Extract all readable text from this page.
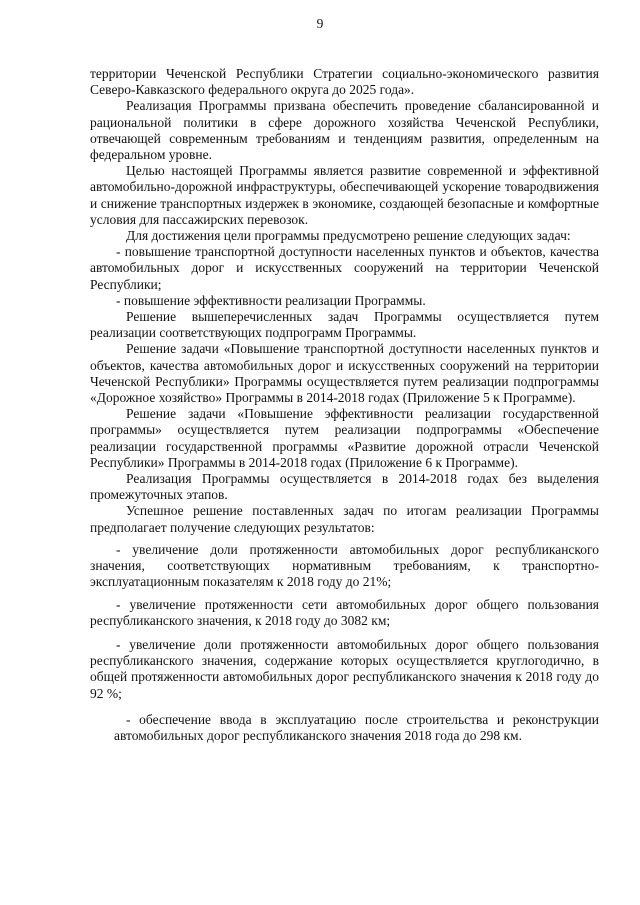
9

территории Чеченской Республики Стратегии социально-экономического развития Северо-Кавказского федерального округа до 2025 года».

Реализация Программы призвана обеспечить проведение сбалансированной и рациональной политики в сфере дорожного хозяйства Чеченской Республики, отвечающей современным требованиям и тенденциям развития, определенным на федеральном уровне.

Целью настоящей Программы является развитие современной и эффективной автомобильно-дорожной инфраструктуры, обеспечивающей ускорение товародвижения и снижение транспортных издержек в экономике, создающей безопасные и комфортные условия для пассажирских перевозок.

Для достижения цели программы предусмотрено решение следующих задач:

- повышение транспортной доступности населенных пунктов и объектов, качества автомобильных дорог и искусственных сооружений на территории Чеченской Республики;

- повышение эффективности реализации Программы.

Решение вышеперечисленных задач Программы осуществляется путем реализации соответствующих подпрограмм Программы.

Решение задачи «Повышение транспортной доступности населенных пунктов и объектов, качества автомобильных дорог и искусственных сооружений на территории Чеченской Республики» Программы осуществляется путем реализации подпрограммы «Дорожное хозяйство» Программы в 2014-2018 годах (Приложение 5 к Программе).

Решение задачи «Повышение эффективности реализации государственной программы» осуществляется путем реализации подпрограммы «Обеспечение реализации государственной программы «Развитие дорожной отрасли Чеченской Республики» Программы в 2014-2018 годах (Приложение 6 к Программе).

Реализация Программы осуществляется в 2014-2018 годах без выделения промежуточных этапов.

Успешное решение поставленных задач по итогам реализации Программы предполагает получение следующих результатов:

- увеличение доли протяженности автомобильных дорог республиканского значения, соответствующих нормативным требованиям, к транспортно-эксплуатационным показателям к 2018 году до 21%;

- увеличение протяженности сети автомобильных дорог общего пользования республиканского значения, к 2018 году до 3082 км;

- увеличение доли протяженности автомобильных дорог общего пользования республиканского значения, содержание которых осуществляется круглогодично, в общей протяженности автомобильных дорог республиканского значения к 2018 году до 92 %;

- обеспечение ввода в эксплуатацию после строительства и реконструкции автомобильных дорог республиканского значения 2018 года до 298 км.
